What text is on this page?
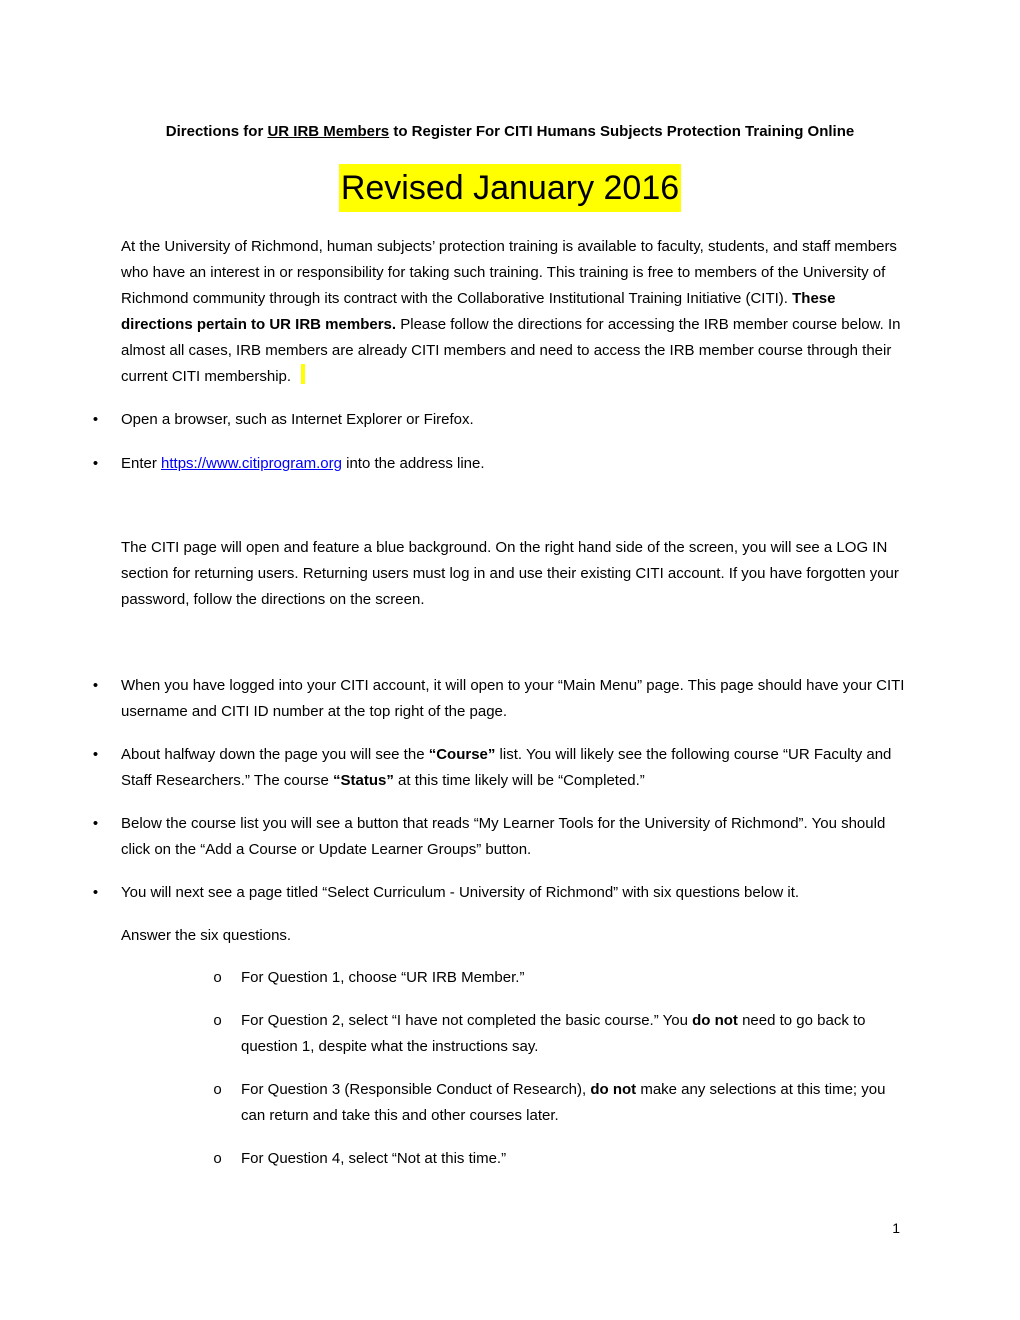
Directions for UR IRB Members to Register For CITI Humans Subjects Protection Training Online
Revised January 2016
At the University of Richmond, human subjects’ protection training is available to faculty, students, and staff members who have an interest in or responsibility for taking such training. This training is free to members of the University of Richmond community through its contract with the Collaborative Institutional Training Initiative (CITI). These directions pertain to UR IRB members. Please follow the directions for accessing the IRB member course below. In almost all cases, IRB members are already CITI members and need to access the IRB member course through their current CITI membership.
•	Open a browser, such as Internet Explorer or Firefox.
•	Enter https://www.citiprogram.org into the address line.
The CITI page will open and feature a blue background. On the right hand side of the screen, you will see a LOG IN section for returning users. Returning users must log in and use their existing CITI account. If you have forgotten your password, follow the directions on the screen.
•	When you have logged into your CITI account, it will open to your “Main Menu” page. This page should have your CITI username and CITI ID number at the top right of the page.
•	About halfway down the page you will see the “Course” list. You will likely see the following course “UR Faculty and Staff Researchers.” The course “Status” at this time likely will be “Completed.”
•	Below the course list you will see a button that reads “My Learner Tools for the University of Richmond”. You should click on the “Add a Course or Update Learner Groups” button.
•	You will next see a page titled “Select Curriculum - University of Richmond” with six questions below it.
Answer the six questions.
o For Question 1, choose “UR IRB Member.”
o For Question 2, select “I have not completed the basic course.” You do not need to go back to question 1, despite what the instructions say.
o For Question 3 (Responsible Conduct of Research), do not make any selections at this time; you can return and take this and other courses later.
o For Question 4, select “Not at this time.”
1
